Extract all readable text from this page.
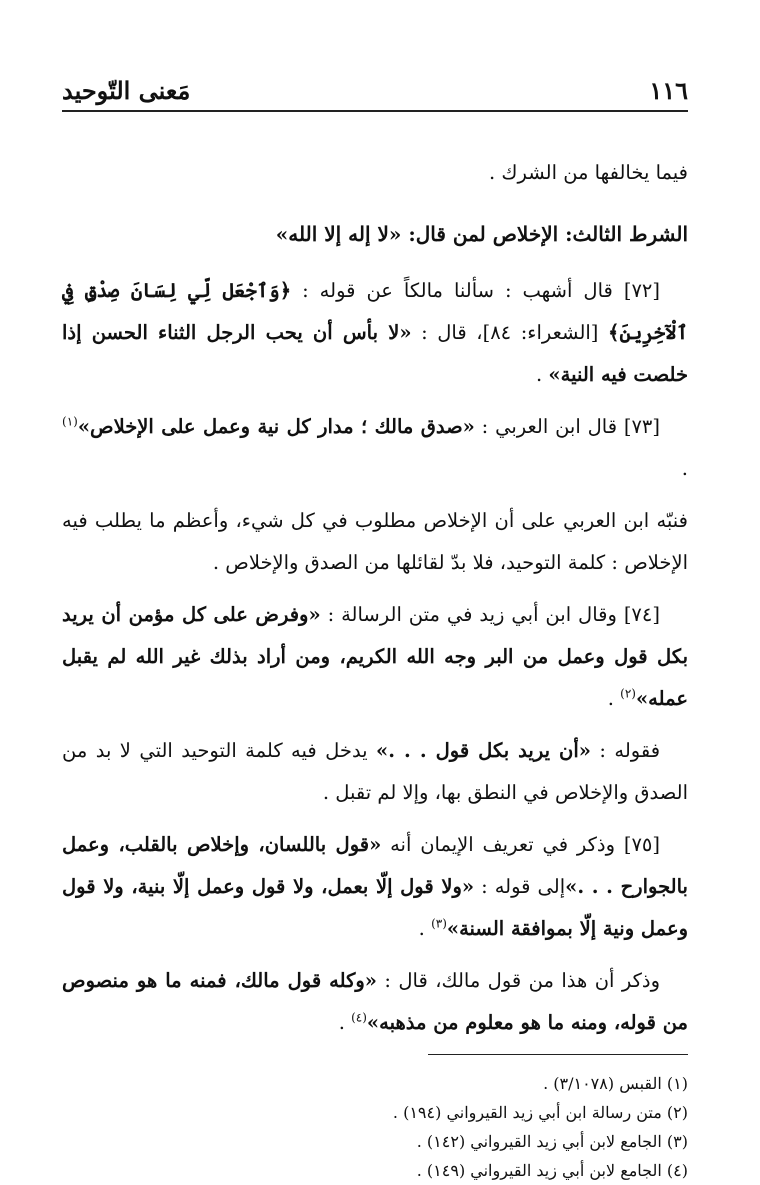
١١٦
مَعنى التّوحيد

فيما يخالفها من الشرك .

الشرط الثالث: الإخلاص لمن قال: «لا إله إلا الله»

[٧٢] قال أشهب : سألنا مالكاً عن قوله : ﴿وَٱجْعَل لِّي لِسَانَ صِدْقٍ فِي ٱلْآخِرِينَ﴾ [الشعراء: ٨٤]، قال : «لا بأس أن يحب الرجل الثناء الحسن إذا خلصت فيه النية» .

[٧٣] قال ابن العربي : «صدق مالك ؛ مدار كل نية وعمل على الإخلاص»$^{(١)}$ .

فنبّه ابن العربي على أن الإخلاص مطلوب في كل شيء، وأعظم ما يطلب فيه الإخلاص : كلمة التوحيد، فلا بدّ لقائلها من الصدق والإخلاص .

[٧٤] وقال ابن أبي زيد في متن الرسالة : «وفرض على كل مؤمن أن يريد بكل قول وعمل من البر وجه الله الكريم، ومن أراد بذلك غير الله لم يقبل عمله»$^{(٢)}$ .

فقوله : «أن يريد بكل قول . . .» يدخل فيه كلمة التوحيد التي لا بد من الصدق والإخلاص في النطق بها، وإلا لم تقبل .

[٧٥] وذكر في تعريف الإيمان أنه «قول باللسان، وإخلاص بالقلب، وعمل بالجوارح . . .»إلى قوله : «ولا قول إلّا بعمل، ولا قول وعمل إلّا بنية، ولا قول وعمل ونية إلّا بموافقة السنة»$^{(٣)}$ .

وذكر أن هذا من قول مالك، قال : «وكله قول مالك، فمنه ما هو منصوص من قوله، ومنه ما هو معلوم من مذهبه»$^{(٤)}$ .

(١) القبس (٣/١٠٧٨) .

(٢) متن رسالة ابن أبي زيد القيرواني (١٩٤) .

(٣) الجامع لابن أبي زيد القيرواني (١٤٢) .

(٤) الجامع لابن أبي زيد القيرواني (١٤٩) .
